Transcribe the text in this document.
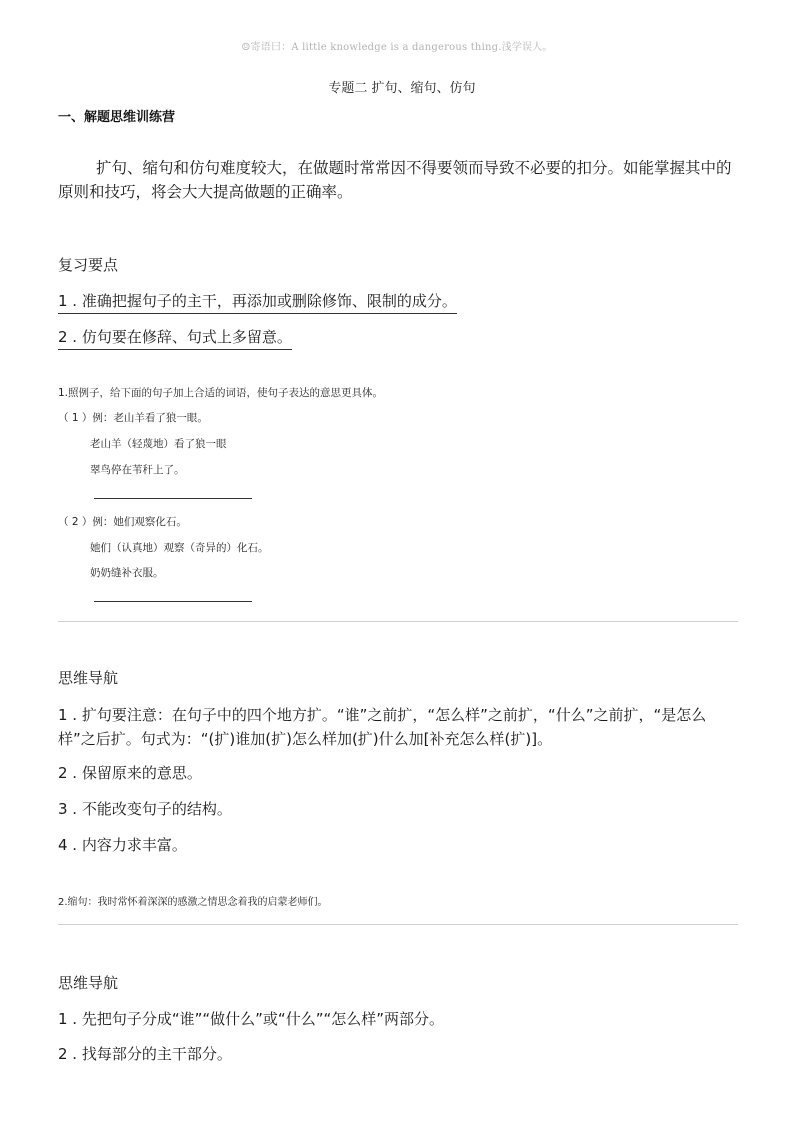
☺寄语曰：A little knowledge is a dangerous thing.浅学误人。
专题二 扩句、缩句、仿句
一、解题思维训练营
扩句、缩句和仿句难度较大，在做题时常常因不得要领而导致不必要的扣分。如能掌握其中的原则和技巧，将会大大提高做题的正确率。
复习要点
1 . 准确把握句子的主干，再添加或删除修饰、限制的成分。
2 . 仿句要在修辞、句式上多留意。
1.照例子，给下面的句子加上合适的词语，使句子表达的意思更具体。
（ 1 ）例：老山羊看了狼一眼。
老山羊（轻蔑地）看了狼一眼
翠鸟停在苇秆上了。
（ 2 ）例：她们观察化石。
她们（认真地）观察（奇异的）化石。
奶奶缝补衣服。
思维导航
1 . 扩句要注意：在句子中的四个地方扩。“谁”之前扩，“怎么样”之前扩，“什么”之前扩，“是怎么样”之后扩。句式为：“(扩)谁加(扩)怎么样加(扩)什么加[补充怎么样(扩)]。
2 . 保留原来的意思。
3 . 不能改变句子的结构。
4 . 内容力求丰富。
2.缩句：我时常怀着深深的感激之情思念着我的启蒙老师们。
思维导航
1 . 先把句子分成“谁”“做什么”或“什么”“怎么样”两部分。
2 . 找每部分的主干部分。
